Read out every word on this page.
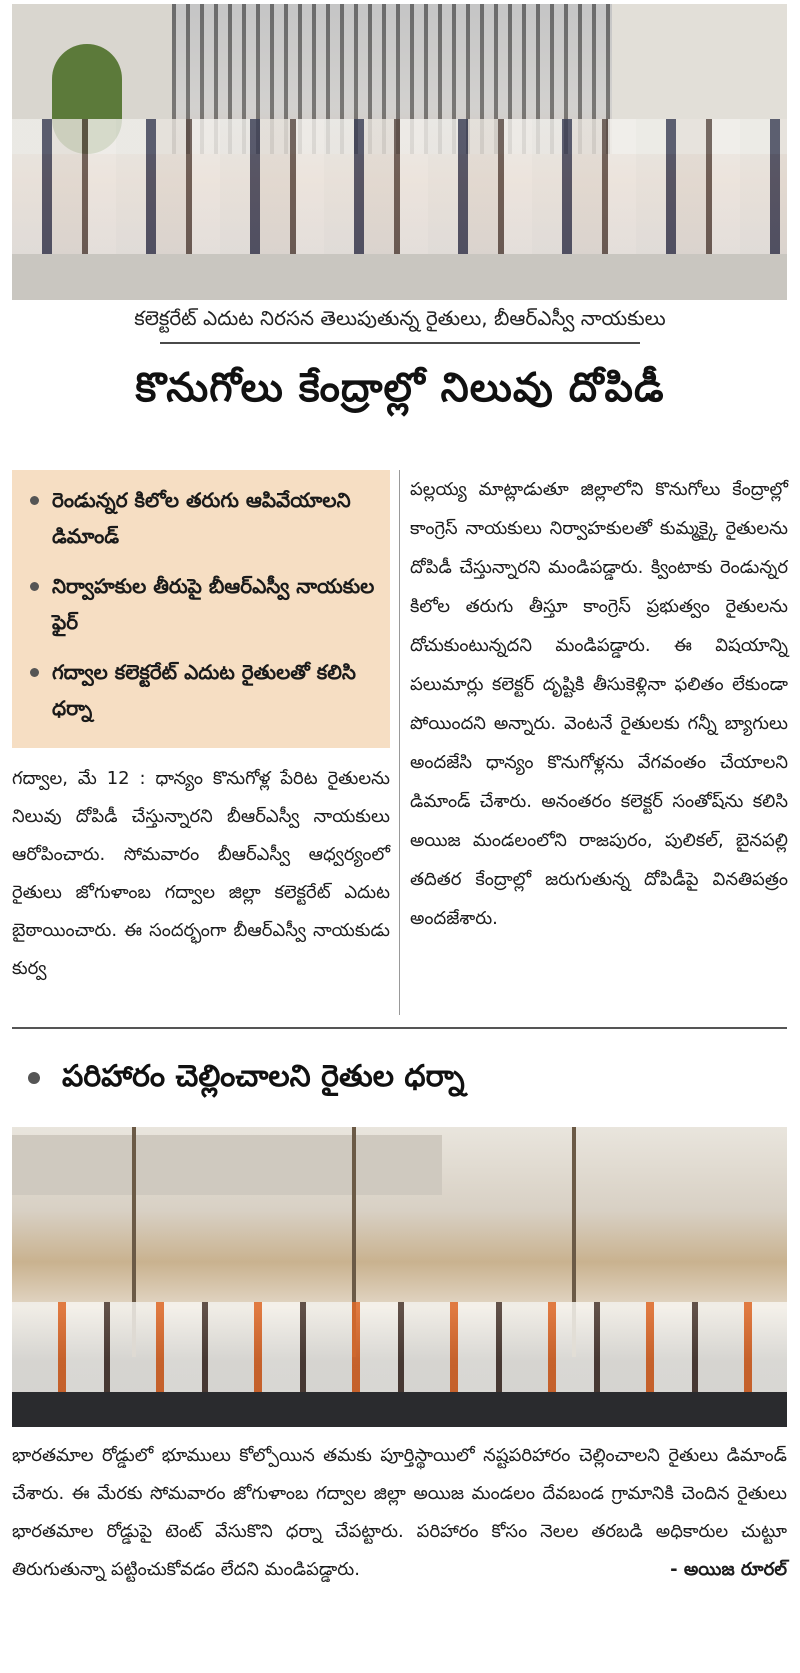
కలెక్టరేట్ ఎదుట నిరసన తెలుపుతున్న రైతులు, బీఆర్ఎస్వీ నాయకులు
కొనుగోలు కేంద్రాల్లో నిలువు దోపిడీ
రెండున్నర కిలోల తరుగు ఆపివేయాలని డిమాండ్
నిర్వాహకుల తీరుపై బీఆర్ఎస్వీ నాయకుల ఫైర్
గద్వాల కలెక్టరేట్ ఎదుట రైతులతో కలిసి ధర్నా
గద్వాల, మే 12 : ధాన్యం కొనుగోళ్ల పేరిట రైతులను నిలువు దోపిడీ చేస్తున్నారని బీఆర్ఎస్వీ నాయకులు ఆరోపించారు. సోమవారం బీఆర్ఎస్వీ ఆధ్వర్యంలో రైతులు జోగుళాంబ గద్వాల జిల్లా కలెక్టరేట్ ఎదుట బైఠాయించారు. ఈ సందర్భంగా బీఆర్ఎస్వీ నాయకుడు కుర్వ
పల్లయ్య మాట్లాడుతూ జిల్లాలోని కొనుగోలు కేంద్రాల్లో కాంగ్రెస్ నాయకులు నిర్వాహకులతో కుమ్మక్కై రైతులను దోపిడీ చేస్తున్నారని మండిపడ్డారు. క్వింటాకు రెండున్నర కిలోల తరుగు తీస్తూ కాంగ్రెస్ ప్రభుత్వం రైతులను దోచుకుంటున్నదని మండిపడ్డారు. ఈ విషయాన్ని పలుమార్లు కలెక్టర్ దృష్టికి తీసుకెళ్లినా ఫలితం లేకుండా పోయిందని అన్నారు. వెంటనే రైతులకు గన్నీ బ్యాగులు అందజేసి ధాన్యం కొనుగోళ్లను వేగవంతం చేయాలని డిమాండ్ చేశారు. అనంతరం కలెక్టర్ సంతోష్‌ను కలిసి అయిజ మండలంలోని రాజపురం, పులికల్, బైనపల్లి తదితర కేంద్రాల్లో జరుగుతున్న దోపిడీపై వినతిపత్రం అందజేశారు.
పరిహారం చెల్లించాలని రైతుల ధర్నా
భారతమాల రోడ్డులో భూములు కోల్పోయిన తమకు పూర్తిస్థాయిలో నష్టపరిహారం చెల్లించాలని రైతులు డిమాండ్ చేశారు. ఈ మేరకు సోమవారం జోగుళాంబ గద్వాల జిల్లా అయిజ మండలం దేవబండ గ్రామానికి చెందిన రైతులు భారతమాల రోడ్డుపై టెంట్ వేసుకొని ధర్నా చేపట్టారు. పరిహారం కోసం నెలల తరబడి అధికారుల చుట్టూ తిరుగుతున్నా పట్టించుకోవడం లేదని మండిపడ్డారు.	- అయిజ రూరల్
